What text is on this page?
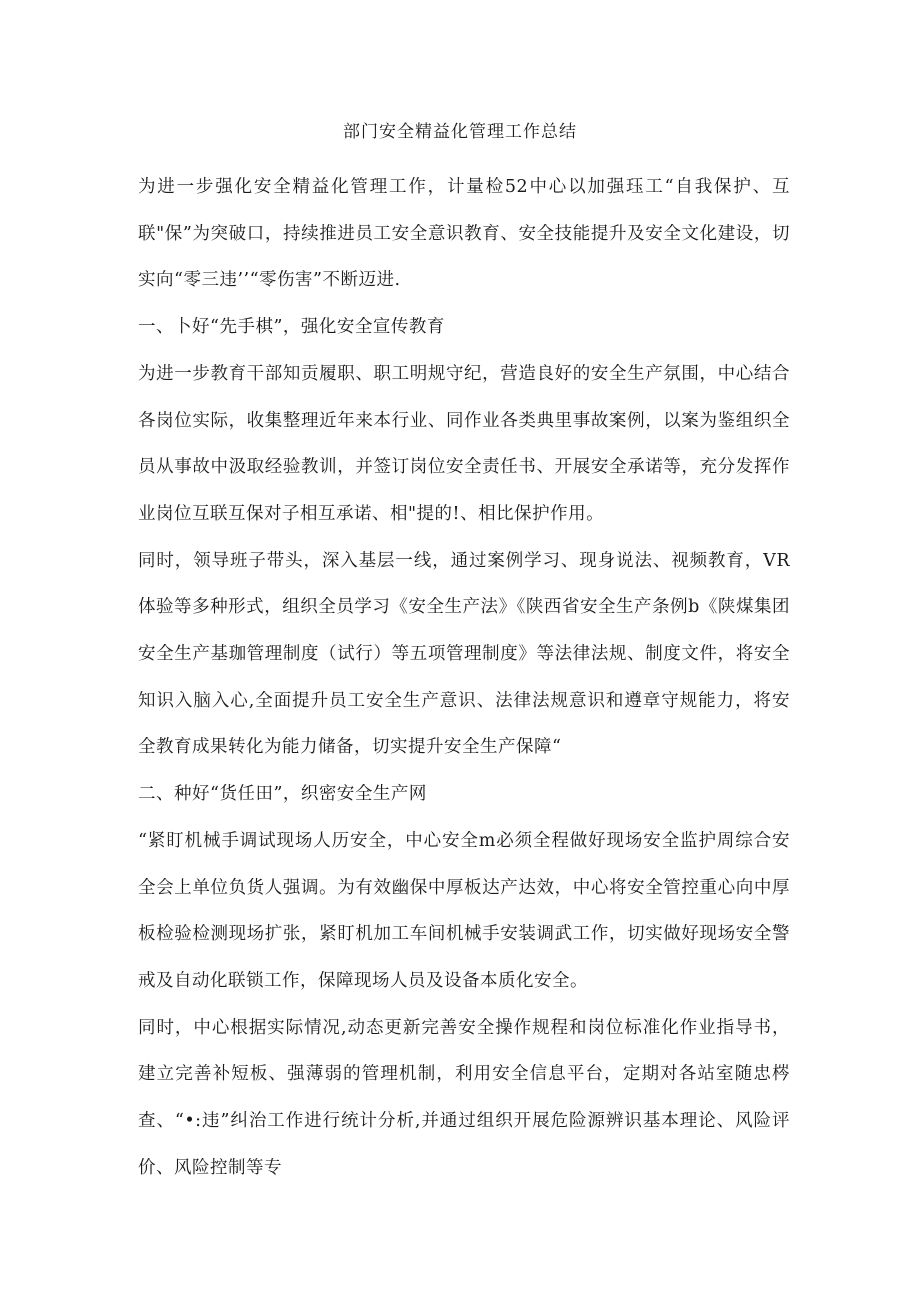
部门安全精益化管理工作总结

为进一步强化安全精益化管理工作，计量检52中心以加强珏工“自我保护、互联"保”为突破口，持续推进员工安全意识教育、安全技能提升及安全文化建设，切实向“零三违’’“零伤害”不断迈进.

一、卜好“先手棋”，强化安全宣传教育

为进一步教育干部知贡履职、职工明规守纪，营造良好的安全生产氛围，中心结合各岗位实际，收集整理近年来本行业、同作业各类典里事故案例，以案为鉴组织全员从事故中汲取经验教训，并签订岗位安全责任书、开展安全承诺等，充分发挥作业岗位互联互保对子相互承诺、相"提的!、相比保护作用。

同时，领导班子带头，深入基层一线，通过案例学习、现身说法、视频教育，VR体验等多种形式，组织全员学习《安全生产法》《陕西省安全生产条例b《陕煤集团安全生产基珈管理制度（试行）等五项管理制度》等法律法规、制度文件，将安全知识入脑入心,全面提升员工安全生产意识、法律法规意识和遵章守规能力，将安全教育成果转化为能力储备，切实提升安全生产保障“

二、种好“货任田”，织密安全生产网

“紧盯机械手调试现场人历安全，中心安全m必须全程做好现场安全监护周综合安全会上单位负货人强调。为有效幽保中厚板达产达效，中心将安全管控重心向中厚板检验检测现场扩张，紧盯机加工车间机械手安装调武工作，切实做好现场安全警戒及自动化联锁工作，保障现场人员及设备本质化安全。

同时，中心根据实际情况,动态更新完善安全操作规程和岗位标准化作业指导书，建立完善补短板、强薄弱的管理机制，利用安全信息平台，定期对各站室随忠梣查、“•:违”纠治工作进行统计分析,并通过组织开展危险源辨识基本理论、风险评价、风险控制等专
